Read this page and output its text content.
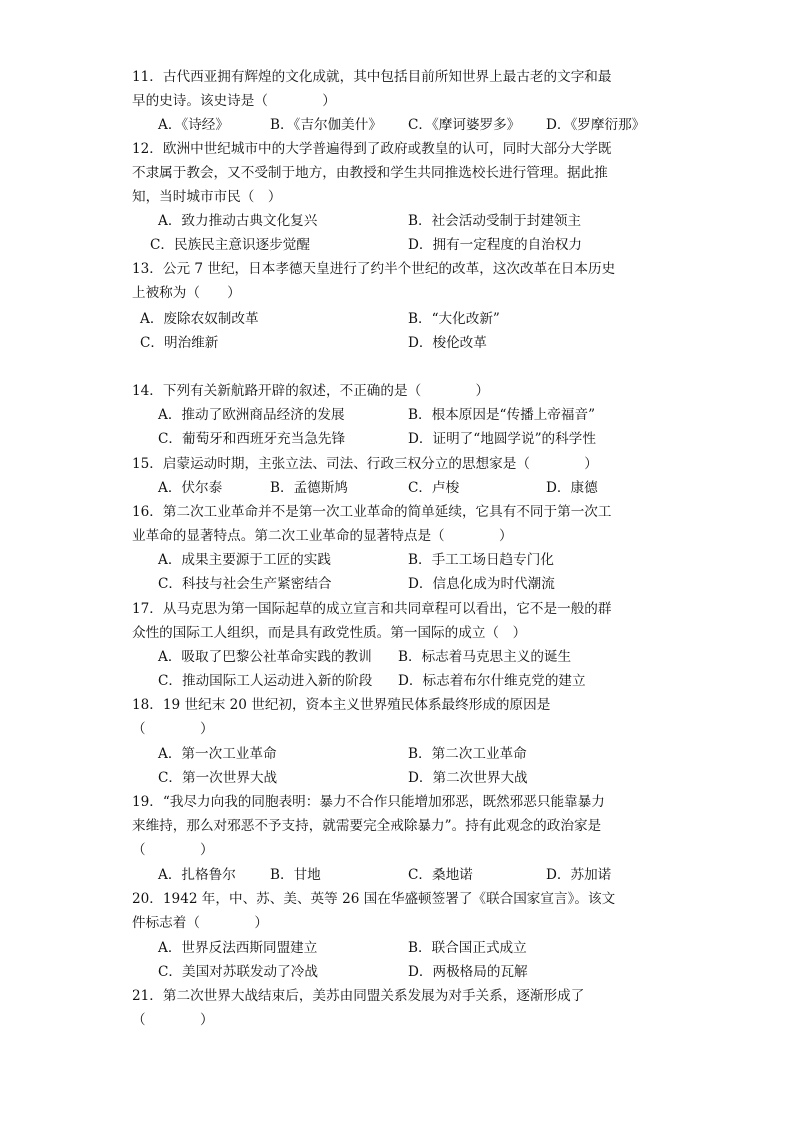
11．古代西亚拥有辉煌的文化成就，其中包括目前所知世界上最古老的文字和最
早的史诗。该史诗是（　　　　）
A．《诗经》	B．《吉尔伽美什》 C．《摩诃婆罗多》 D．《罗摩衍那》
12．欧洲中世纪城市中的大学普遍得到了政府或教皇的认可，同时大部分大学既
不隶属于教会，又不受制于地方，由教授和学生共同推选校长进行管理。据此推
知，当时城市市民（　）
A．致力推动古典文化复兴	B．社会活动受制于封建领主
C．民族民主意识逐步觉醒	D．拥有一定程度的自治权力
13．公元 7 世纪，日本孝德天皇进行了约半个世纪的改革，这次改革在日本历史
上被称为（　　）
A．废除农奴制改革	B．“大化改新”
C．明治维新	D．梭伦改革
14．下列有关新航路开辟的叙述，不正确的是（　　　　）
A．推动了欧洲商品经济的发展	B．根本原因是“传播上帝福音”
C．葡萄牙和西班牙充当急先锋	D．证明了“地圆学说”的科学性
15．启蒙运动时期，主张立法、司法、行政三权分立的思想家是（　　　　）
A．伏尔泰	B．孟德斯鸠	C．卢梭	D．康德
16．第二次工业革命并不是第一次工业革命的简单延续，它具有不同于第一次工
业革命的显著特点。第二次工业革命的显著特点是（　　　　）
A．成果主要源于工匠的实践	B．手工工场日趋专门化
C．科技与社会生产紧密结合	D．信息化成为时代潮流
17．从马克思为第一国际起草的成立宣言和共同章程可以看出，它不是一般的群
众性的国际工人组织，而是具有政党性质。第一国际的成立（　）
A．吸取了巴黎公社革命实践的教训 B．标志着马克思主义的诞生
C．推动国际工人运动进入新的阶段 D．标志着布尔什维克党的建立
18．19 世纪末 20 世纪初，资本主义世界殖民体系最终形成的原因是
（　　　　）
A．第一次工业革命	B．第二次工业革命
C．第一次世界大战	D．第二次世界大战
19．“我尽力向我的同胞表明：暴力不合作只能增加邪恶，既然邪恶只能靠暴力
来维持，那么对邪恶不予支持，就需要完全戒除暴力”。持有此观念的政治家是
（　　　　）
A．扎格鲁尔	B．甘地	C．桑地诺	D．苏加诺
20．1942 年，中、苏、美、英等 26 国在华盛顿签署了《联合国家宣言》。该文
件标志着（　　　　）
A．世界反法西斯同盟建立	B．联合国正式成立
C．美国对苏联发动了冷战	D．两极格局的瓦解
21．第二次世界大战结束后，美苏由同盟关系发展为对手关系，逐渐形成了
（　　　　）
